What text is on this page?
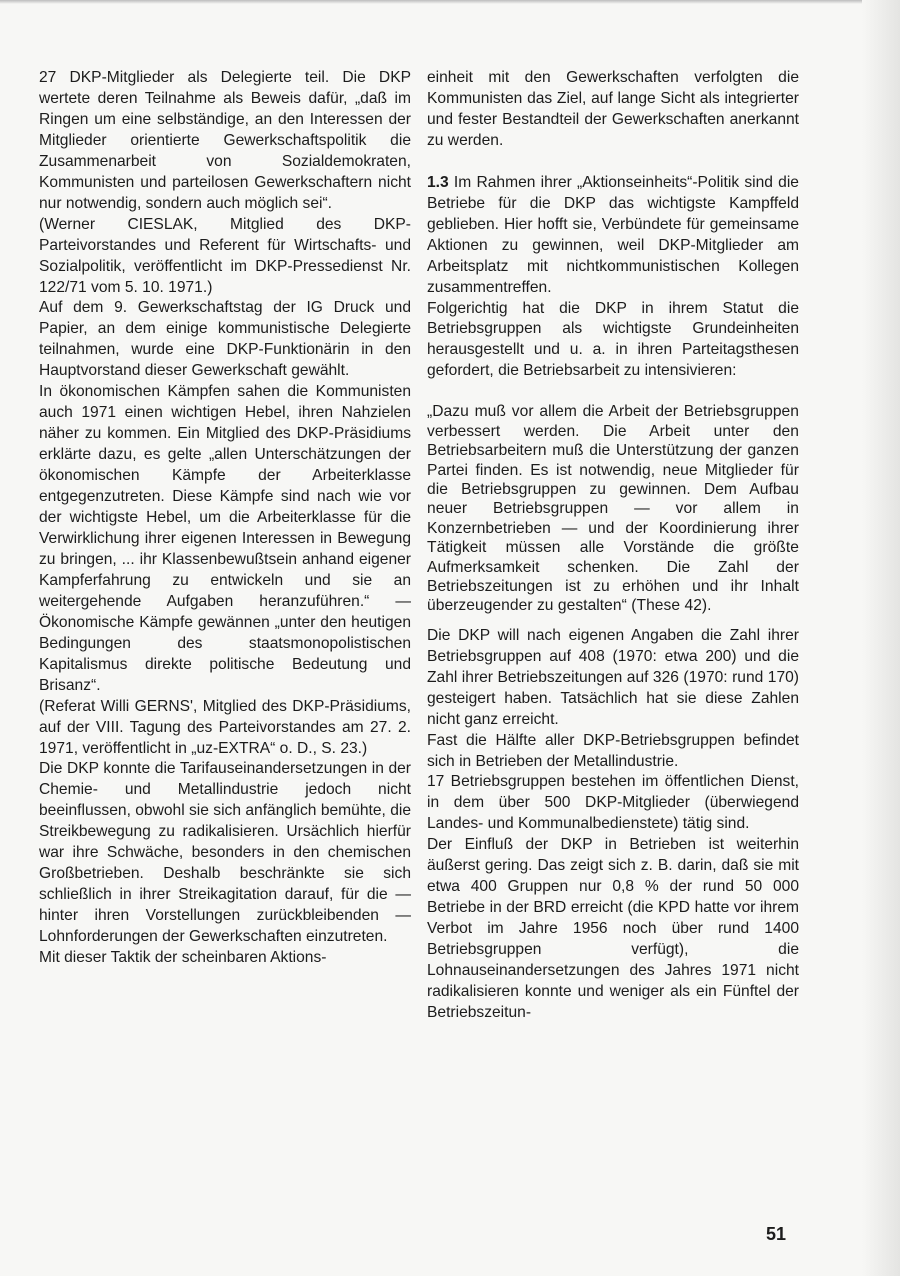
27 DKP-Mitglieder als Delegierte teil. Die DKP wertete deren Teilnahme als Beweis dafür, „daß im Ringen um eine selbständige, an den Interessen der Mitglieder orientierte Gewerkschaftspolitik die Zusammenarbeit von Sozialdemokraten, Kommunisten und parteilosen Gewerkschaftern nicht nur notwendig, sondern auch möglich sei“.

(Werner CIESLAK, Mitglied des DKP-Parteivorstandes und Referent für Wirtschafts- und Sozialpolitik, veröffentlicht im DKP-Pressedienst Nr. 122/71 vom 5. 10. 1971.)

Auf dem 9. Gewerkschaftstag der IG Druck und Papier, an dem einige kommunistische Delegierte teilnahmen, wurde eine DKP-Funktionärin in den Hauptvorstand dieser Gewerkschaft gewählt.

In ökonomischen Kämpfen sahen die Kommunisten auch 1971 einen wichtigen Hebel, ihren Nahzielen näher zu kommen. Ein Mitglied des DKP-Präsidiums erklärte dazu, es gelte „allen Unterschätzungen der ökonomischen Kämpfe der Arbeiterklasse entgegenzutreten. Diese Kämpfe sind nach wie vor der wichtigste Hebel, um die Arbeiterklasse für die Verwirklichung ihrer eigenen Interessen in Bewegung zu bringen, ... ihr Klassenbewußtsein anhand eigener Kampferfahrung zu entwickeln und sie an weitergehende Aufgaben heranzuführen.“ — Ökonomische Kämpfe gewännen „unter den heutigen Bedingungen des staatsmonopolistischen Kapitalismus direkte politische Bedeutung und Brisanz“.

(Referat Willi GERNS', Mitglied des DKP-Präsidiums, auf der VIII. Tagung des Parteivorstandes am 27. 2. 1971, veröffentlicht in „uz-EXTRA“ o. D., S. 23.)

Die DKP konnte die Tarifauseinandersetzungen in der Chemie- und Metallindustrie jedoch nicht beeinflussen, obwohl sie sich anfänglich bemühte, die Streikbewegung zu radikalisieren. Ursächlich hierfür war ihre Schwäche, besonders in den chemischen Großbetrieben. Deshalb beschränkte sie sich schließlich in ihrer Streikagitation darauf, für die — hinter ihren Vorstellungen zurückbleibenden — Lohnforderungen der Gewerkschaften einzutreten.

Mit dieser Taktik der scheinbaren Aktions-

einheit mit den Gewerkschaften verfolgten die Kommunisten das Ziel, auf lange Sicht als integrierter und fester Bestandteil der Gewerkschaften anerkannt zu werden.

1.3 Im Rahmen ihrer „Aktionseinheits“-Politik sind die Betriebe für die DKP das wichtigste Kampffeld geblieben. Hier hofft sie, Verbündete für gemeinsame Aktionen zu gewinnen, weil DKP-Mitglieder am Arbeitsplatz mit nichtkommunistischen Kollegen zusammentreffen.

Folgerichtig hat die DKP in ihrem Statut die Betriebsgruppen als wichtigste Grundeinheiten herausgestellt und u. a. in ihren Parteitagsthesen gefordert, die Betriebsarbeit zu intensivieren:

„Dazu muß vor allem die Arbeit der Betriebsgruppen verbessert werden. Die Arbeit unter den Betriebsarbeitern muß die Unterstützung der ganzen Partei finden. Es ist notwendig, neue Mitglieder für die Betriebsgruppen zu gewinnen. Dem Aufbau neuer Betriebsgruppen — vor allem in Konzernbetrieben — und der Koordinierung ihrer Tätigkeit müssen alle Vorstände die größte Aufmerksamkeit schenken. Die Zahl der Betriebszeitungen ist zu erhöhen und ihr Inhalt überzeugender zu gestalten“ (These 42).

Die DKP will nach eigenen Angaben die Zahl ihrer Betriebsgruppen auf 408 (1970: etwa 200) und die Zahl ihrer Betriebszeitungen auf 326 (1970: rund 170) gesteigert haben. Tatsächlich hat sie diese Zahlen nicht ganz erreicht.

Fast die Hälfte aller DKP-Betriebsgruppen befindet sich in Betrieben der Metallindustrie.

17 Betriebsgruppen bestehen im öffentlichen Dienst, in dem über 500 DKP-Mitglieder (überwiegend Landes- und Kommunalbedienstete) tätig sind.

Der Einfluß der DKP in Betrieben ist weiterhin äußerst gering. Das zeigt sich z. B. darin, daß sie mit etwa 400 Gruppen nur 0,8 % der rund 50 000 Betriebe in der BRD erreicht (die KPD hatte vor ihrem Verbot im Jahre 1956 noch über rund 1400 Betriebsgruppen verfügt), die Lohnauseinandersetzungen des Jahres 1971 nicht radikalisieren konnte und weniger als ein Fünftel der Betriebszeitun-

51
